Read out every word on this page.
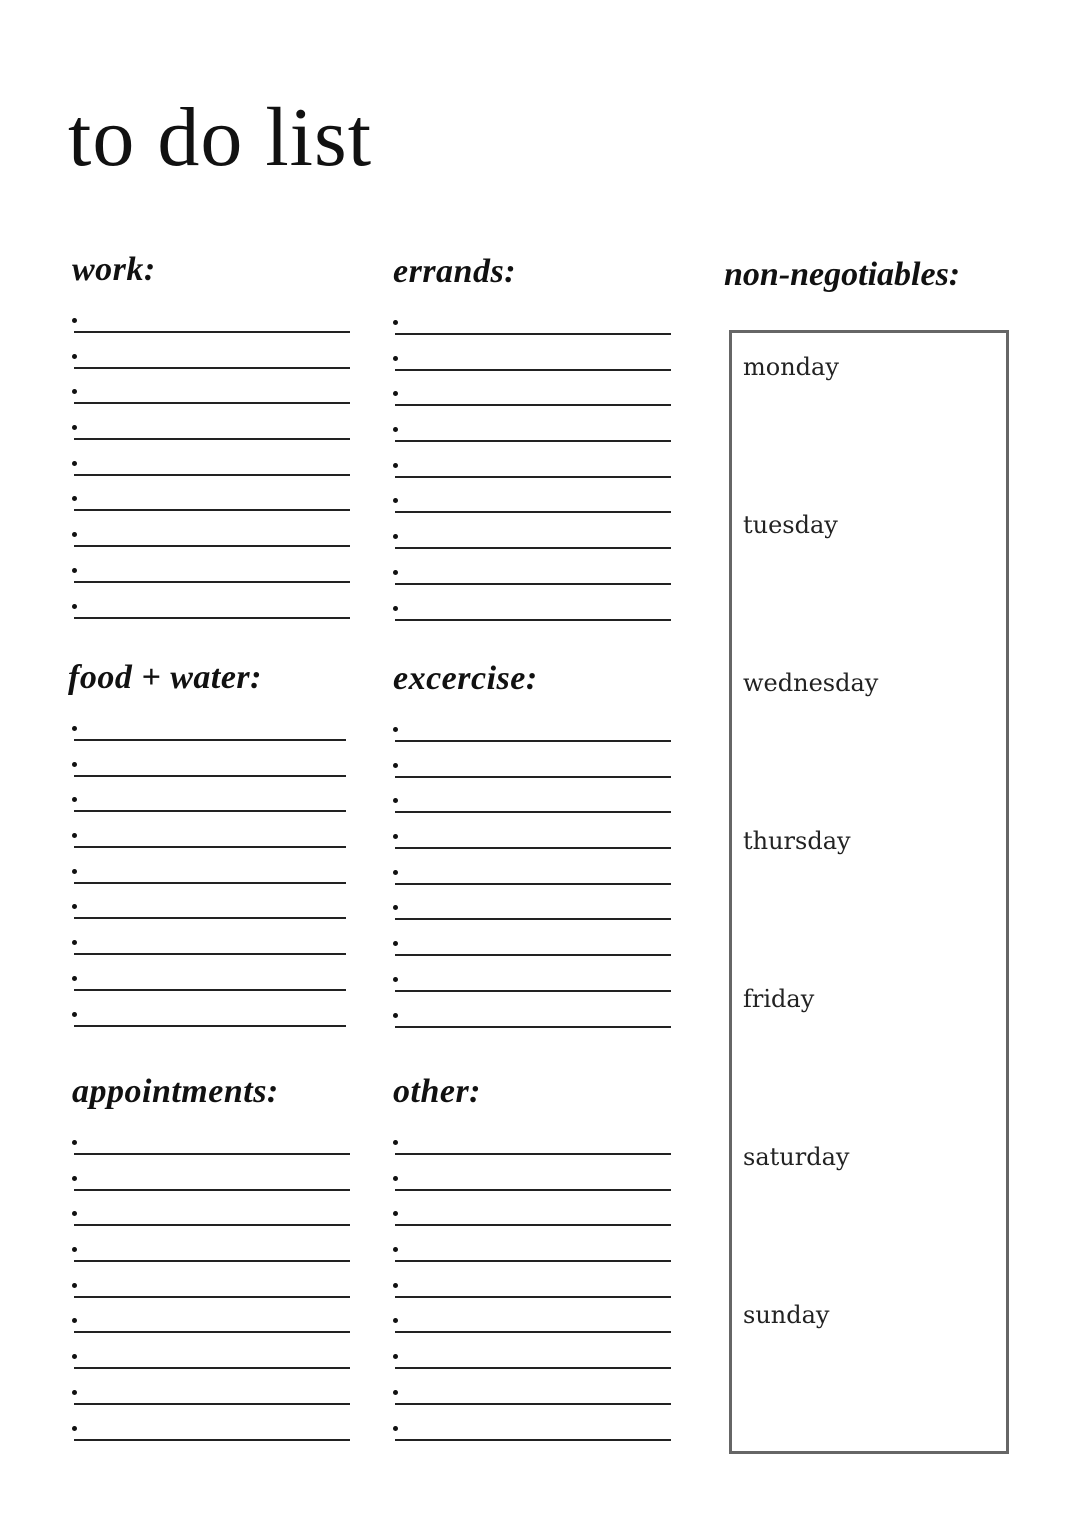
to do list
work:	errands:
food + water:	excercise:
appointments:	other:
non-negotiables:
monday
tuesday
wednesday
thursday
friday
saturday
sunday
